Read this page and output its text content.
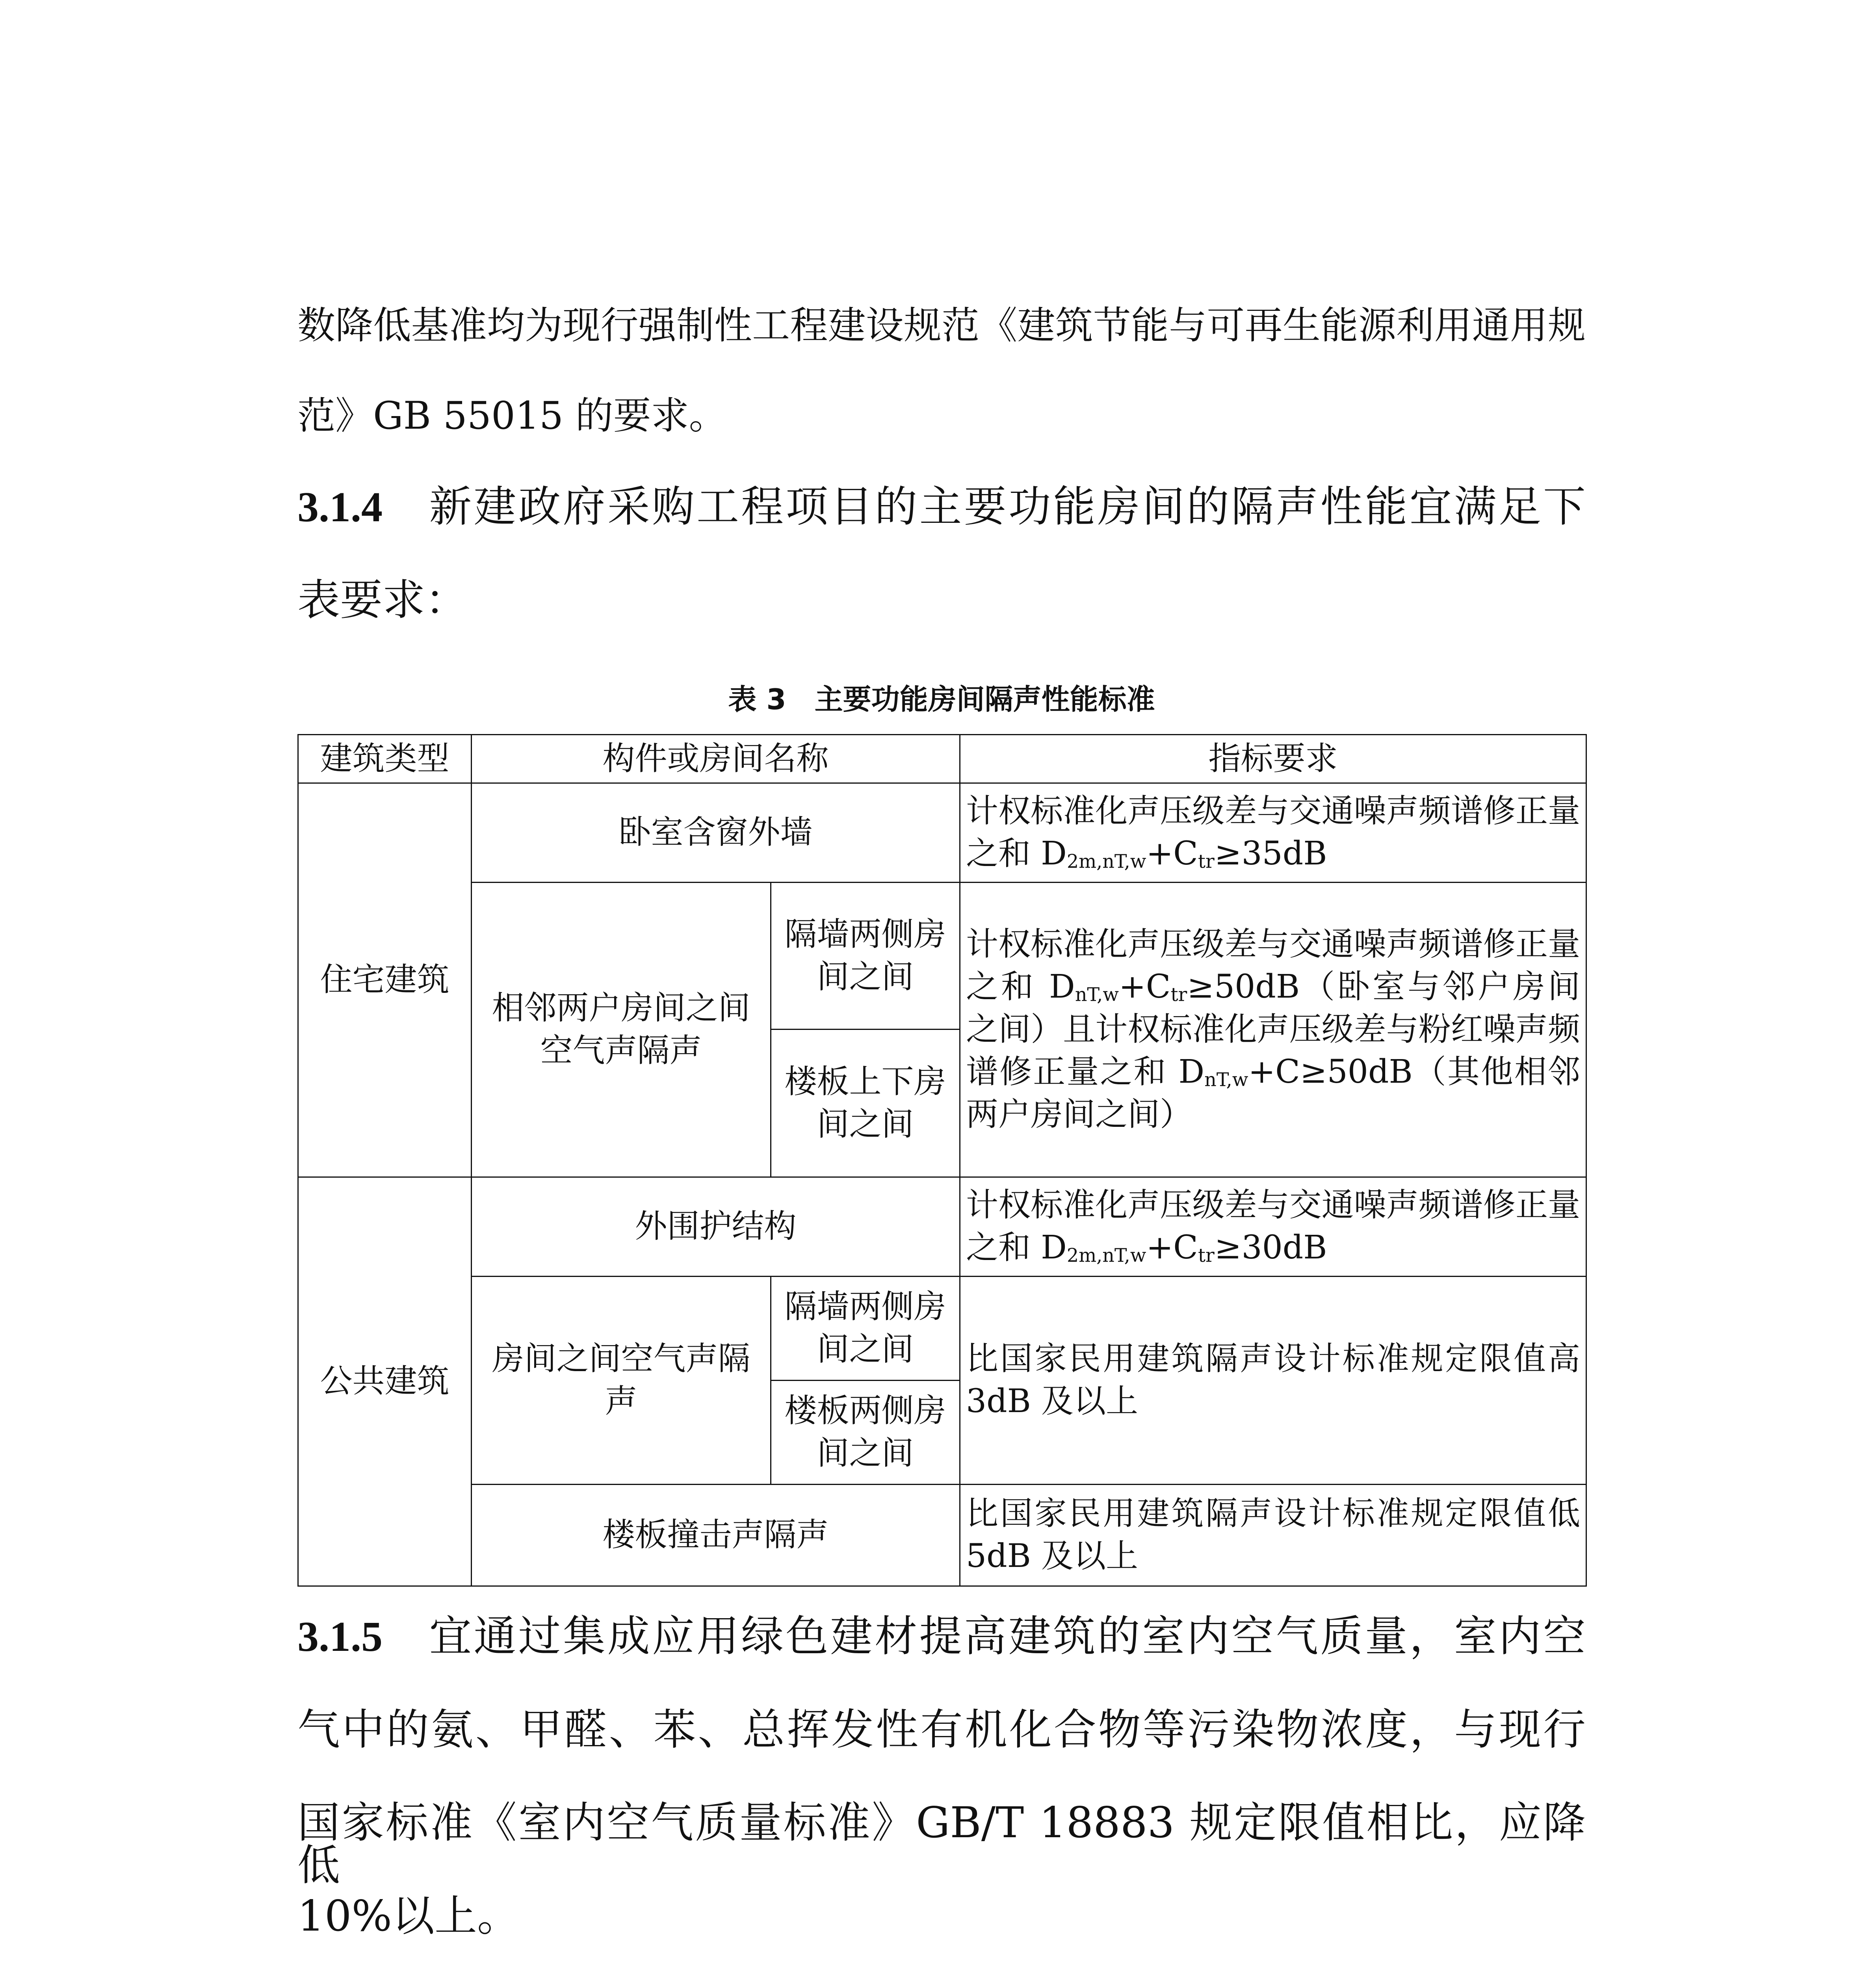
数降低基准均为现行强制性工程建设规范《建筑节能与可再生能源利用通用规

范》GB 55015 的要求。

3.1.4 新建政府采购工程项目的主要功能房间的隔声性能宜满足下

表要求：

表 3　主要功能房间隔声性能标准
建筑类型	构件或房间名称		指标要求
住宅建筑	卧室含窗外墙		计权标准化声压级差与交通噪声频谱修正量之和 $D_{2m,nT,w}+C_{tr}\ge 35dB$
	相邻两户房间之间空气声隔声	隔墙两侧房间之间	计权标准化声压级差与交通噪声频谱修正量之和 $D_{nT,w}+C_{tr}\ge 50dB$（卧室与邻户房间之间）且计权标准化声压级差与粉红噪声频谱修正量之和 $D_{nT,w}+C\ge 50dB$（其他相邻两户房间之间）
		楼板上下房间之间	
公共建筑	外围护结构		计权标准化声压级差与交通噪声频谱修正量之和 $D_{2m,nT,w}+C_{tr}\ge 30dB$
	房间之间空气声隔声	隔墙两侧房间之间	比国家民用建筑隔声设计标准规定限值高 3dB 及以上
		楼板两侧房间之间	
	楼板撞击声隔声		比国家民用建筑隔声设计标准规定限值低 5dB 及以上

3.1.5 宜通过集成应用绿色建材提高建筑的室内空气质量，室内空

气中的氨、甲醛、苯、总挥发性有机化合物等污染物浓度，与现行

国家标准《室内空气质量标准》GB/T 18883 规定限值相比，应降低

10%以上。
